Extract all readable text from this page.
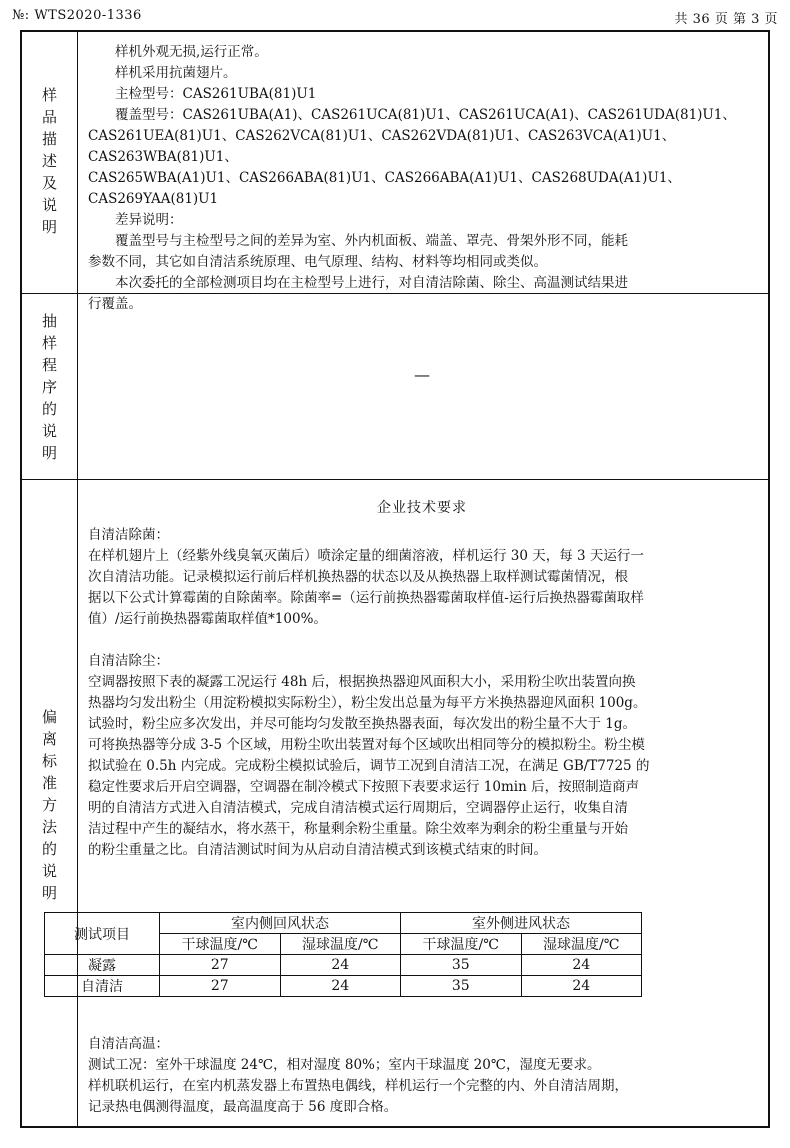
№: WTS2020-1336	共 36 页 第 3 页
样
品
描
述
及
说
明

样机外观无损,运行正常。

样机采用抗菌翅片。

主检型号：CAS261UBA(81)U1

覆盖型号：CAS261UBA(A1)、CAS261UCA(81)U1、CAS261UCA(A1)、CAS261UDA(81)U1、

CAS261UEA(81)U1、CAS262VCA(81)U1、CAS262VDA(81)U1、CAS263VCA(A1)U1、CAS263WBA(81)U1、

CAS265WBA(A1)U1、CAS266ABA(81)U1、CAS266ABA(A1)U1、CAS268UDA(A1)U1、CAS269YAA(81)U1

差异说明：

覆盖型号与主检型号之间的差异为室、外内机面板、端盖、罩壳、骨架外形不同，能耗

参数不同，其它如自清洁系统原理、电气原理、结构、材料等均相同或类似。

本次委托的全部检测项目均在主检型号上进行，对自清洁除菌、除尘、高温测试结果进

行覆盖。

抽
样
程
序
的
说
明
—
偏
离
标
准
方
法
的
说
明
企业技术要求

自清洁除菌：

在样机翅片上（经紫外线臭氧灭菌后）喷涂定量的细菌溶液，样机运行 30 天，每 3 天运行一

次自清洁功能。记录模拟运行前后样机换热器的状态以及从换热器上取样测试霉菌情况，根

据以下公式计算霉菌的自除菌率。除菌率=（运行前换热器霉菌取样值-运行后换热器霉菌取样

值）/运行前换热器霉菌取样值*100%。

自清洁除尘：

空调器按照下表的凝露工况运行 48h 后，根据换热器迎风面积大小，采用粉尘吹出装置向换

热器均匀发出粉尘（用淀粉模拟实际粉尘），粉尘发出总量为每平方米换热器迎风面积 100g。

试验时，粉尘应多次发出，并尽可能均匀发散至换热器表面，每次发出的粉尘量不大于 1g。

可将换热器等分成 3-5 个区域，用粉尘吹出装置对每个区域吹出相同等分的模拟粉尘。粉尘模

拟试验在 0.5h 内完成。完成粉尘模拟试验后，调节工况到自清洁工况，在满足 GB/T7725 的

稳定性要求后开启空调器，空调器在制冷模式下按照下表要求运行 10min 后，按照制造商声

明的自清洁方式进入自清洁模式，完成自清洁模式运行周期后，空调器停止运行，收集自清

洁过程中产生的凝结水，将水蒸干，称量剩余粉尘重量。除尘效率为剩余的粉尘重量与开始

的粉尘重量之比。自清洁测试时间为从启动自清洁模式到该模式结束的时间。

测试项目	室内侧回风状态		室外侧进风状态	
	干球温度/℃	湿球温度/℃	干球温度/℃	湿球温度/℃
凝露	27	24	35	24
自清洁	27	24	35	24

自清洁高温：

测试工况：室外干球温度 24℃，相对湿度 80%；室内干球温度 20℃，湿度无要求。

样机联机运行，在室内机蒸发器上布置热电偶线，样机运行一个完整的内、外自清洁周期，

记录热电偶测得温度，最高温度高于 56 度即合格。
